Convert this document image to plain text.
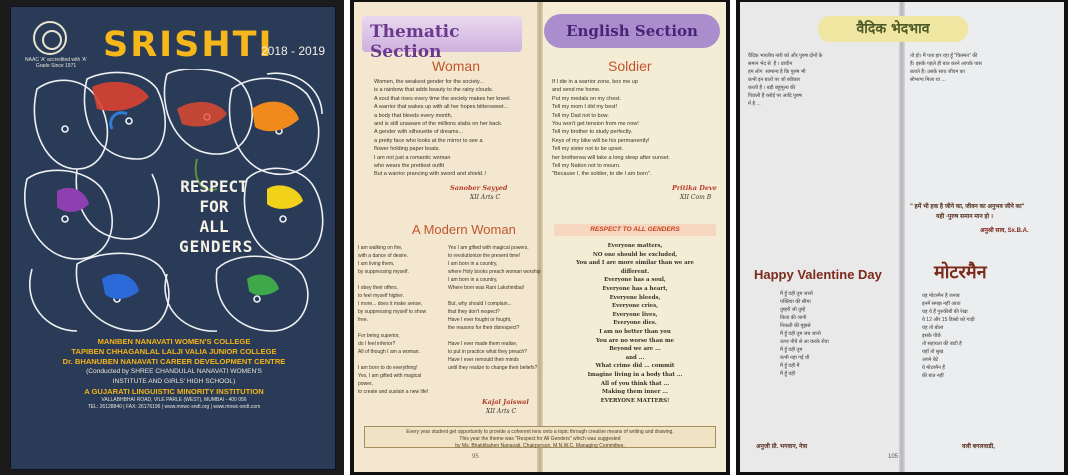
NAAC 'A' accredited with 'A' Grade Since 1971
SRISHTI
2018 - 2019
RESPECT
FOR
ALL
GENDERS
MANIBEN NANAVATI WOMEN'S COLLEGE
TAPIBEN CHHAGANLAL LALJI VALIA JUNIOR COLLEGE
Dr. BHANUBEN NANAVATI CAREER DEVELOPMENT CENTRE
(Conducted by SHREE CHANDULAL NANAVATI WOMEN'S
INSTITUTE AND GIRLS' HIGH SCHOOL)
A GUJARATI LINGUISTIC MINORITY INSTITUTION
VALLABHBHAI ROAD, VILE PARLE (WEST), MUMBAI - 400 056
TEL: 26128840 | FAX: 26176196 | www.mnwc-sndt.org | www.mnwc-sndt.com
Thematic Section
English Section
Woman
Women, the weakest gender for the society...
is a rainbow that adds beauty to the rainy clouds.
A soul that rises every time the society makes her kneel.
A warrior that wakes up with all her hopes bittersweet...
a body that bleeds every month,
and is still unaware of the millions stabs on her back.
A gender with silhouette of dreams...
a pretty face who looks at the mirror to see a
flower holding paper boats.
I am not just a romantic woman
who wears the prettiest outfit
But a warrior prancing with sword and shield..!
Sanober Sayyed
XII Arts C
Soldier
If I die in a warrior zone, box me up
and send me home.
Put my medals on my chest.
Tell my mom I did my best!
Tell my Dad not to bow.
You won't get tension from me now!
Tell my brother to study perfectly.
Keys of my bike will be his permanently!
Tell my sister not to be upset.
her brotherwa will take a long sleep after sunset.
Tell my Nation not to mourn.
"Because I, the soldier, to die I am born".
Pritika Deve
XII Com B
A Modern Woman
I am walking on fire,
with a dance of desire.
I am living them,
by suppressing myself.

I obey their offers,
to feel myself higher.
I more... does it make sense,
by suppressing myself to show
free.

For being superior,
do I feel inferior?
All of though I am a woman.

I am born to do everything!
Yes, I am gifted with magical
power,
to create and sustain a new life!
Yes I am gifted with magical powers,
to revolutionize the present time!
I am born in a country,
where Holy books preach woman worship
I am born in a country,
Where born was Rani Lakshmibai!

But, why should I complain...
that they don't respect?
Have I ever fought or fought,
the reasons for their disrespect?

Have I ever made them realise,
to put in practice what they preach?
Have I ever remould their minds
until they realize to change their beliefs?
Kajal Jaiswal
XII Arts C
RESPECT TO ALL GENDERS
Everyone matters,
NO one should be excluded,
You and I are more similar than we are
different.
Everyone has a soul,
Everyone has a heart,
Everyone bleeds,
Everyone cries,
Everyone lives,
Everyone dies.
I am no better than you
You are no worse than me
Beyond we are ...
and ...
What crime did ... commit
Imagine living in a body that ...
All of you think that ...
Making them inner ...
EVERYONE MATTERS!
Every year student get opportunity to provide a coherent lens onto a topic through creative means of writing and drawing.
This year the theme was "Respect for All Genders" which was suggested
by Ms. Bhaktibahen Nanavati, Chairperson, M.N.W.C. Managing Committee.
95
वैदिक भेदभाव
वैदिक भारतीय नारी को और पुरुष दोनों के
समान भेद से  हैं । प्राचीन
हम लोग  सामान्य है कि पुरुष भी
कभी इन बातों पर जो स्वीकार
करती हैं । बड़ी बहुमूल्य की
पिछली हैं रसोई पर आदि पुरुष
में है ...
तो हो। मैं पता हार रहा हूँ "किस्मत" की
हैं। इसके पहले ही बात करने आपके पास
बताते हैं। उसके साथ जीवन का
सौभाग्य मिला था ...
" हमें भी हक है जीने का, जीवन का अनुभव जीने का"
यही -पुरुष समान मान हो ।
अनुश्री साव, Sx.B.A.
Happy Valentine Day
मैं हूँ वही तुम जानो
पक्तिया की सीमा
तुम्हरी जी तुम्हें
किया की जानी
निकली की मुझसे
मैं हूँ वही तुम जब जानो
ऊपर नीचे से आ करके रोया
मैं हूँ वही तुम
कभी नहा गई थी
मैं हूँ वही मैं
मैं हूँ वही
अनुजी प्री. भगवान, नेत्रा
मोटरमैन
यह मोटरमैन है जनाब
इनमें समझ नहीं आता
यह ये हैं गुरुकीबी की रेखा
ये 12 और 15 डिब्बो को गाड़ी
यह तो बोला
इसके पीछे
तो सहायता की बाटी है
यहाँ तो सुख
अपने बेटे
ये मोटरमैन हैं
की बात नहीं
वली बगलवाडी,
105
